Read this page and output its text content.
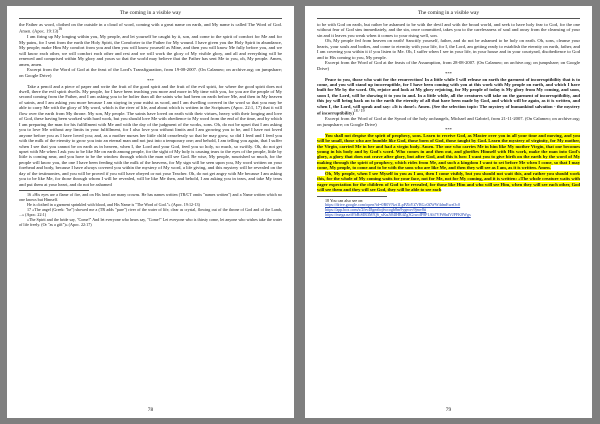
The coming in a visible way

the Father as word, clothed on the outside in a cloud of word, coming with a great name on earth, and My name is called The Word of God. Amen. (Apoc. 19:13)$^{16}$

I am firing up My longing within you, My people, and let yourself be caught by it, son, and come to the spirit of comfort for Me and for My pains, for I sent from the earth the Holy Spirit, the Comforter to the Father for My wound. I have given you the Holy Spirit in abundance, My people; make Him My comfort from you and then you will know yourself as Mine, and then you will know Me fully before you, and we will know each other, we will comfort each other and rest and we will work the glory of My visible glory, and all and everything will be renewed and comprised within My glory and yours so that the world may believe that the Father has sent Me to you, oh, My people. Amen, amen, amen.

Excerpt from the Word of God at the feast of the Lord's Transfiguration, from 19-08-2007. (On Calameo; on archive.org; on jumpshare; on Google Drive)

***

Take a pencil and a piece of paper and write the fruit of the good spirit and the fruit of the evil spirit, for where the good spirit does not dwell, there the evil spirit dwells. My people, for I have been teaching you more and more in My time with you, for you are the people of My second coming from the Father, and I am asking you to be holier than all the saints who had been on earth before Me, and then in My heaven of saints, and I am asking you more because I am staying in your midst as word, and I am dwelling covered in the word so that you may be able to carry Me with the glory of My word, which is the river of life, and about which is written in the Scriptures (Apoc. 22:1, 17) that it will flow over the earth from My throne. My son, My people. The saints have loved on earth with their virtues, heavy with their longing and love of God, these having been worked with hard work, but you should love Me with obedience to My word from the end of the time, and by which I am preparing the man for his fulfillment with Me and with the day of the judgment of the works, sons. Oh, do not be upset that I am asking you to love Me without any limits in your fulfillment, for I also love you without limits and I am growing you to be, and I have not loved anyone before you as I have loved you; and, as a mother nurses her little child ceaselessly so that he may grow, so did I feed and I feed you with the milk of the eternity to grow you into an eternal man and not just into a temporary one; and behold, I am telling you again, that I suffer when I see that you cannot be on earth as in heaven, when I, the Lord and your God, feed you so holy, so much, so swiftly. Oh, do not get upset with Me when I ask you to be like Me on earth among people, for the sight of My holy is causing tears to the eyes of the people, little by little is coming near, and you have to be the window through which the man will see God. Be wise, My people, nourished so much, for the people will know you, the one I have been feeding with the milk of the heavens, for My sign will be seen upon you, My word written on your forehead and body, because I have always covered you within the mystery of My word, a life giving, and this mystery will be revealed on the day of the testimonies, and you will be proved if you will have obeyed or not your Teacher. Oh, do not get angry with Me because I am asking you to be like Me, for those through whom I will be revealed, will be like Me then, and behold, I am asking you in tears, and take My tears and put them at your heart, and do not be ashamed

16 «His eyes are a flame of fire, and on His head are many crowns. He has names written (TR/CT omits "names written") and a Name written which no one knows but Himself.

He is clothed in a garment sprinkled with blood, and His Name is "The Word of God."» (Apoc. 19:12-13)

17 «The angel (Greek: "he") showed me a (TR adds "pure") river of the water of life, clear as crystal, flowing out of the throne of God and of the Lamb, ...» (Apoc. 22:1)

«The Spirit and the bride say, "Come!" And let everyone who hears say, "Come!" Let everyone who is thirsty come, let anyone who wishes take the water of life freely. (Or "as a gift")» (Apoc. 22:17)

78
The coming in a visible way

to be with God on earth, but rather be ashamed to be with the devil and with the broad world, and seek to have holy fear to God, for the one without fear of God sins immediately, and the sin, once committed, takes you to the carelessness of soul and away from the cleansing of your sin and it leaves you weak when it comes to your rising well, son.

Oh, My people fed from heaven on earth! Sanctify yourself, father, and do not be ashamed to be holy on earth. Oh, sons, cleanse your hearts, your souls and bodies, and come to eternity with your life, for I, the Lord, am getting ready to establish the eternity on earth, father, and I am covering you within it if you listen to Me. Oh, I suffer when I see in your life, in your house and in your courtyard, disobedience to God and to His coming to you, My people.

Excerpt from the Word of God at the feasts of the Assumption, from 28-08-2007. (On Calameo; on archive.org; on jumpshare; on Google Drive)

***

Peace to you, those who wait for the resurrection! In a little while I will release on earth the garment of incorruptibility that is to come, and you will stand up incorruptible, for I have been coming with you at this work with My people on earth, and which I have built for Me by the word. Oh, rejoice and look at My glory rejoicing, for My people of today is My glory from My coming, and soon, soon I, the Lord, will be showing it to you in and. In a little while, all the creatures will take on the garment of incorruptibility, and this joy will bring back on to the earth the eternity of all that have been made by God, and which will be again, as it is written, and when I, the Lord, will speak and say: «It is done!» Amen. (See the selection topic: The mystery of humankind salvation - the mystery of incorruptibility)$^{18 / 19}$

Excerpt from the Word of God at the Synod of the holy archangels, Michael and Gabriel, from 21-11-2007. (On Calameo; on archive.org; on jumpshare; on Google Drive)

***

You shall not despise the spirit of prophecy, sons. Learn to receive God, as Master over you in all your time and moving, and you will be small, those who are humble like God, those born of God, those taught by God. Learn the mystery of virginity, for My mother, the Virgin, carried Me in her and had a virgin body. Amen. The one who carries Me in him like My mother Virgin, that one becomes young in his body and by God's word. Who comes in and then out, and glorifies Himself with His work, make the man into God's glory, a glory that does not crave after glory, but after God, and this is how I want you to give birth on the earth by the word of My making through the spirit of prophecy, which rides from Me, and such a kingdom I want to set before Me when I come, so that I may come, My people, to come and to be with the sons who are like Me, and then they will see as I am, as it is written. Amen.

Oh, My people, when I see Myself in you as I am, then I come visibly, but you should not wait this, and rather you should work this, for the whole of My coming waits for your face, not for Me, not for My coming, and it is written: «The whole creature waits with eager expectation for the children of God to be revealed, for those like Him and who will see Him, when they will see each other, God will see them and they will see God, they will be able to see each

18 You can also see on:

https://drive.google.com/open?id=0B0VNzt1LpPZbYZVRGc0ZWW4dmEwzOc0

https://app.box.com/s/2frv48gm6ojfwcogb8m9ygmvc9jmv8ti

https://mega.nz/#!bRtSIR3M!Q6_xKuJi04lHR4Zg3GiwoIF8P1Ah7VPt9hdVJPFK8Wgs

79
